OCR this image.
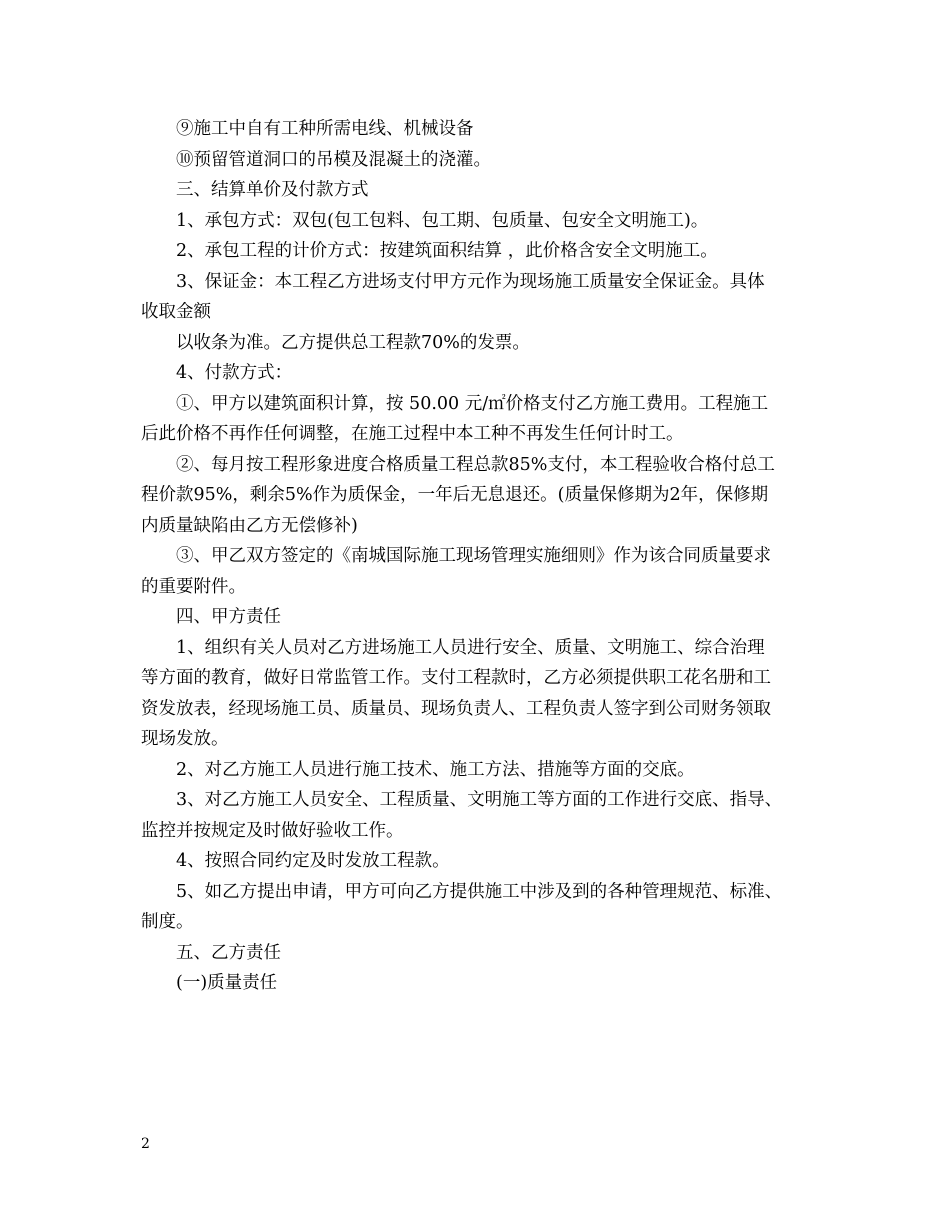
⑨施工中自有工种所需电线、机械设备

⑩预留管道洞口的吊模及混凝土的浇灌。

三、结算单价及付款方式

1、承包方式：双包(包工包料、包工期、包质量、包安全文明施工)。

2、承包工程的计价方式：按建筑面积结算 ，此价格含安全文明施工。

3、保证金：本工程乙方进场支付甲方元作为现场施工质量安全保证金。具体

收取金额

以收条为准。乙方提供总工程款70%的发票。

4、付款方式：

①、甲方以建筑面积计算，按 50.00 元/㎡价格支付乙方施工费用。工程施工

后此价格不再作任何调整，在施工过程中本工种不再发生任何计时工。

②、每月按工程形象进度合格质量工程总款85%支付，本工程验收合格付总工

程价款95%，剩余5%作为质保金，一年后无息退还。(质量保修期为2年，保修期

内质量缺陷由乙方无偿修补)

③、甲乙双方签定的《南城国际施工现场管理实施细则》作为该合同质量要求

的重要附件。

四、甲方责任

1、组织有关人员对乙方进场施工人员进行安全、质量、文明施工、综合治理

等方面的教育，做好日常监管工作。支付工程款时，乙方必须提供职工花名册和工

资发放表，经现场施工员、质量员、现场负责人、工程负责人签字到公司财务领取

现场发放。

2、对乙方施工人员进行施工技术、施工方法、措施等方面的交底。

3、对乙方施工人员安全、工程质量、文明施工等方面的工作进行交底、指导、

监控并按规定及时做好验收工作。

4、按照合同约定及时发放工程款。

5、如乙方提出申请，甲方可向乙方提供施工中涉及到的各种管理规范、标准、

制度。

五、乙方责任

(一)质量责任

2
